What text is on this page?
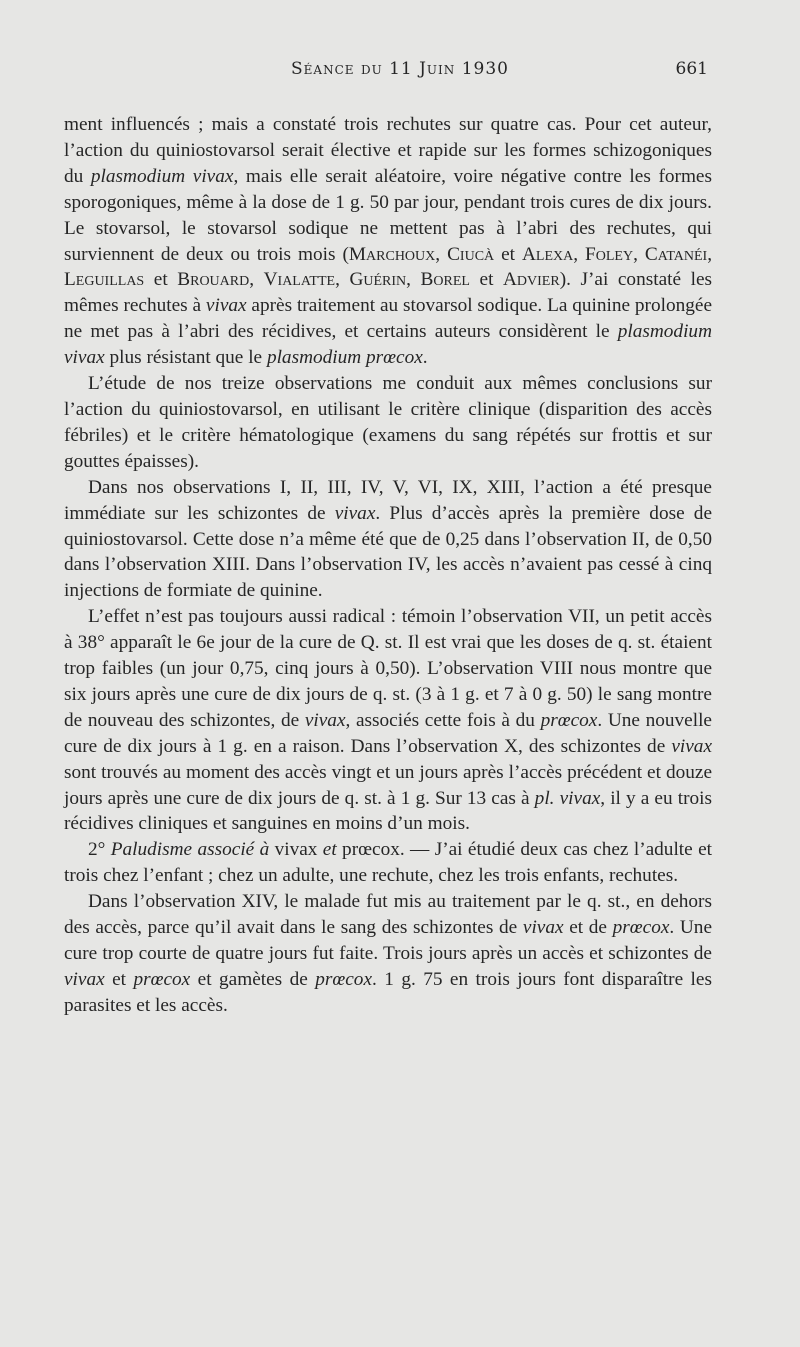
Séance du 11 Juin 1930	661

ment influencés ; mais a constaté trois rechutes sur quatre cas. Pour cet auteur, l’action du quiniostovarsol serait élective et rapide sur les formes schizogoniques du plasmodium vivax, mais elle serait aléatoire, voire négative contre les formes sporogoniques, même à la dose de 1 g. 50 par jour, pendant trois cures de dix jours. Le stovarsol, le stovarsol sodique ne mettent pas à l’abri des rechutes, qui surviennent de deux ou trois mois (Marchoux, Ciucà et Alexa, Foley, Catanéi, Leguillas et Brouard, Vialatte, Guérin, Borel et Advier). J’ai constaté les mêmes rechutes à vivax après traitement au stovarsol sodique. La quinine prolongée ne met pas à l’abri des récidives, et certains auteurs considèrent le plasmodium vivax plus résistant que le plasmodium prœcox.

L’étude de nos treize observations me conduit aux mêmes conclusions sur l’action du quiniostovarsol, en utilisant le critère clinique (disparition des accès fébriles) et le critère hématologique (examens du sang répétés sur frottis et sur gouttes épaisses).

Dans nos observations I, II, III, IV, V, VI, IX, XIII, l’action a été presque immédiate sur les schizontes de vivax. Plus d’accès après la première dose de quiniostovarsol. Cette dose n’a même été que de 0,25 dans l’observation II, de 0,50 dans l’observation XIII. Dans l’observation IV, les accès n’avaient pas cessé à cinq injections de formiate de quinine.

L’effet n’est pas toujours aussi radical : témoin l’observation VII, un petit accès à 38° apparaît le 6e jour de la cure de Q. st. Il est vrai que les doses de q. st. étaient trop faibles (un jour 0,75, cinq jours à 0,50). L’observation VIII nous montre que six jours après une cure de dix jours de q. st. (3 à 1 g. et 7 à 0 g. 50) le sang montre de nouveau des schizontes, de vivax, associés cette fois à du prœcox. Une nouvelle cure de dix jours à 1 g. en a raison. Dans l’observation X, des schizontes de vivax sont trouvés au moment des accès vingt et un jours après l’accès précédent et douze jours après une cure de dix jours de q. st. à 1 g. Sur 13 cas à pl. vivax, il y a eu trois récidives cliniques et sanguines en moins d’un mois.

2° Paludisme associé à vivax et prœcox. — J’ai étudié deux cas chez l’adulte et trois chez l’enfant ; chez un adulte, une rechute, chez les trois enfants, rechutes.

Dans l’observation XIV, le malade fut mis au traitement par le q. st., en dehors des accès, parce qu’il avait dans le sang des schizontes de vivax et de prœcox. Une cure trop courte de quatre jours fut faite. Trois jours après un accès et schizontes de vivax et prœcox et gamètes de prœcox. 1 g. 75 en trois jours font disparaître les parasites et les accès.
